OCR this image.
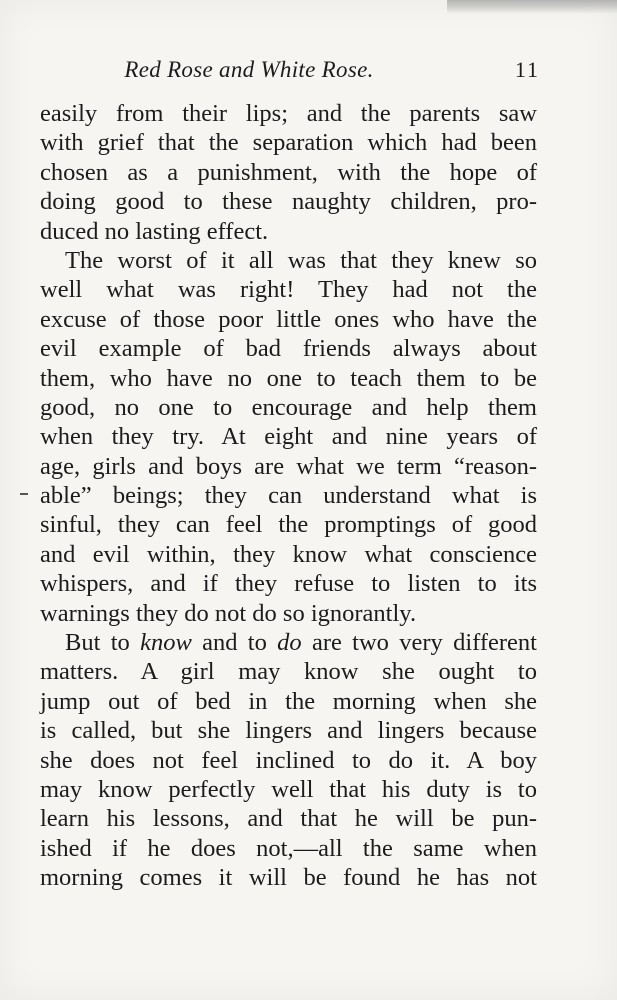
Red Rose and White Rose.	11
easily from their lips; and the parents saw
with grief that the separation which had been
chosen as a punishment, with the hope of
doing good to these naughty children, pro-
duced no lasting effect.
The worst of it all was that they knew so
well what was right! They had not the
excuse of those poor little ones who have the
evil example of bad friends always about
them, who have no one to teach them to be
good, no one to encourage and help them
when they try. At eight and nine years of
age, girls and boys are what we term “reason-
able” beings; they can understand what is
sinful, they can feel the promptings of good
and evil within, they know what conscience
whispers, and if they refuse to listen to its
warnings they do not do so ignorantly.
But to know and to do are two very different
matters. A girl may know she ought to
jump out of bed in the morning when she
is called, but she lingers and lingers because
she does not feel inclined to do it. A boy
may know perfectly well that his duty is to
learn his lessons, and that he will be pun-
ished if he does not,—all the same when
morning comes it will be found he has not
